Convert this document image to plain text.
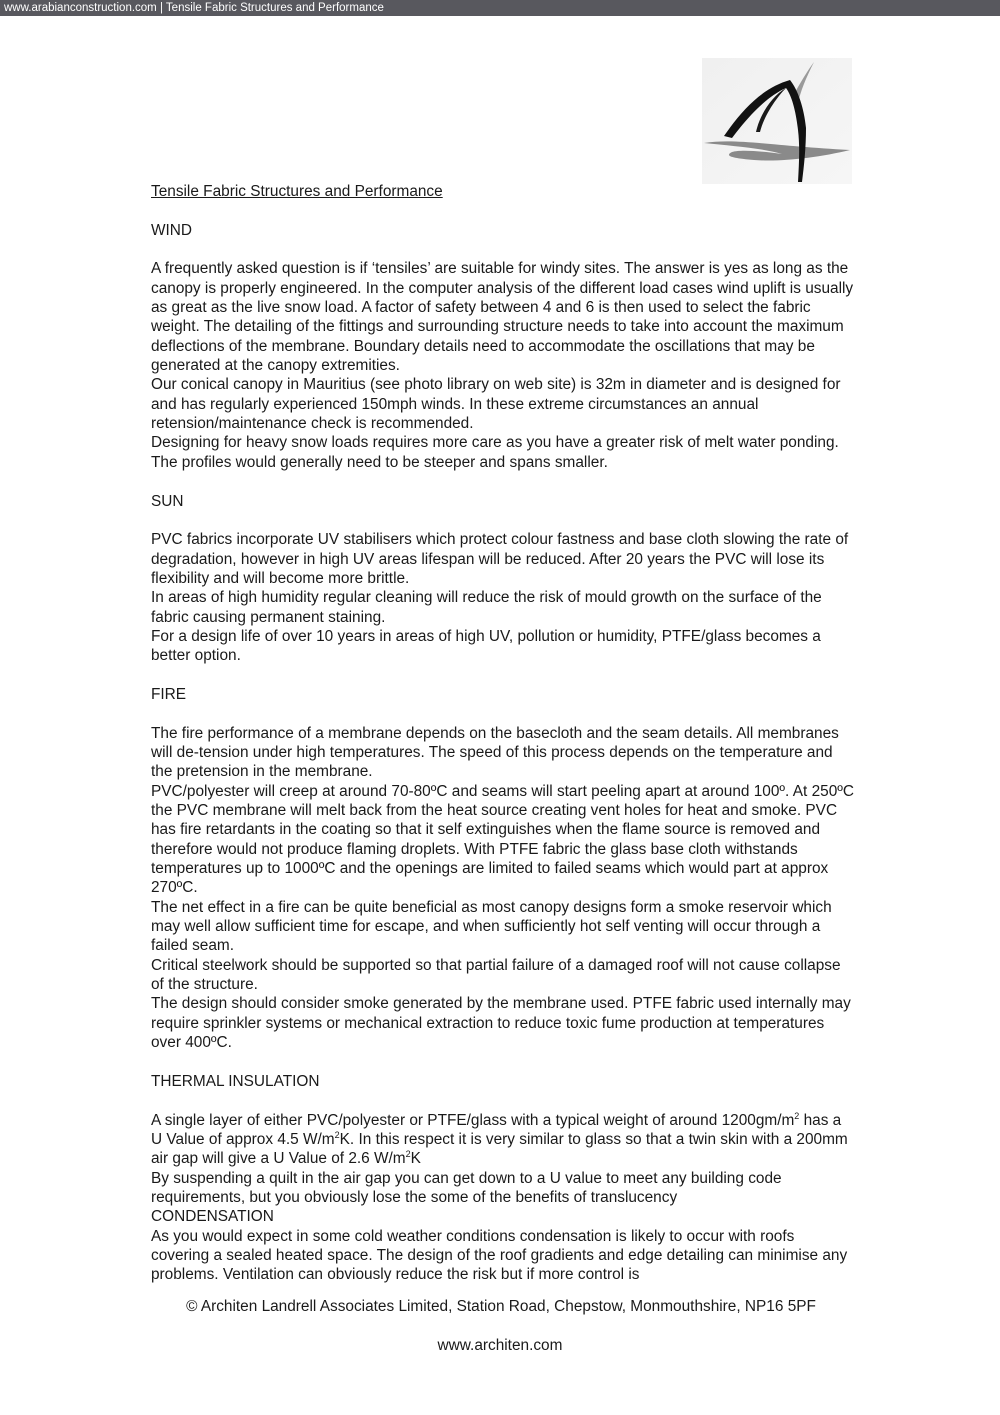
www.arabianconstruction.com | Tensile Fabric Structures and Performance

Tensile Fabric Structures and Performance

WIND

A frequently asked question is if ‘tensiles’ are suitable for windy sites. The answer is yes as long as the canopy is properly engineered. In the computer analysis of the different load cases wind uplift is usually as great as the live snow load. A factor of safety between 4 and 6 is then used to select the fabric weight. The detailing of the fittings and surrounding structure needs to take into account the maximum deflections of the membrane. Boundary details need to accommodate the oscillations that may be generated at the canopy extremities.

Our conical canopy in Mauritius (see photo library on web site) is 32m in diameter and is designed for and has regularly experienced 150mph winds. In these extreme circumstances an annual retension/maintenance check is recommended.

Designing for heavy snow loads requires more care as you have a greater risk of melt water ponding. The profiles would generally need to be steeper and spans smaller.

SUN

PVC fabrics incorporate UV stabilisers which protect colour fastness and base cloth slowing the rate of degradation, however in high UV areas lifespan will be reduced. After 20 years the PVC will lose its flexibility and will become more brittle.

In areas of high humidity regular cleaning will reduce the risk of mould growth on the surface of the fabric causing permanent staining.

For a design life of over 10 years in areas of high UV, pollution or humidity, PTFE/glass becomes a better option.

FIRE

The fire performance of a membrane depends on the basecloth and the seam details. All membranes will de-tension under high temperatures. The speed of this process depends on the temperature and the pretension in the membrane.

PVC/polyester will creep at around 70-80ºC and seams will start peeling apart at around 100º. At 250ºC the PVC membrane will melt back from the heat source creating vent holes for heat and smoke. PVC has fire retardants in the coating so that it self extinguishes when the flame source is removed and therefore would not produce flaming droplets. With PTFE fabric the glass base cloth withstands temperatures up to 1000ºC and the openings are limited to failed seams which would part at approx 270ºC.

The net effect in a fire can be quite beneficial as most canopy designs form a smoke reservoir which may well allow sufficient time for escape, and when sufficiently hot self venting will occur through a failed seam.

Critical steelwork should be supported so that partial failure of a damaged roof will not cause collapse of the structure.

The design should consider smoke generated by the membrane used. PTFE fabric used internally may require sprinkler systems or mechanical extraction to reduce toxic fume production at temperatures over 400ºC.

THERMAL INSULATION

A single layer of either PVC/polyester or PTFE/glass with a typical weight of around $1200gm/m^2$ has a U Value of approx 4.5 $W/m^2K$. In this respect it is very similar to glass so that a twin skin with a 200mm air gap will give a U Value of 2.6 $W/m^2K$

By suspending a quilt in the air gap you can get down to a U value to meet any building code requirements, but you obviously lose the some of the benefits of translucency

CONDENSATION

As you would expect in some cold weather conditions condensation is likely to occur with roofs covering a sealed heated space. The design of the roof gradients and edge detailing can minimise any problems. Ventilation can obviously reduce the risk but if more control is

© Architen Landrell Associates Limited, Station Road, Chepstow, Monmouthshire, NP16 5PF
www.architen.com
